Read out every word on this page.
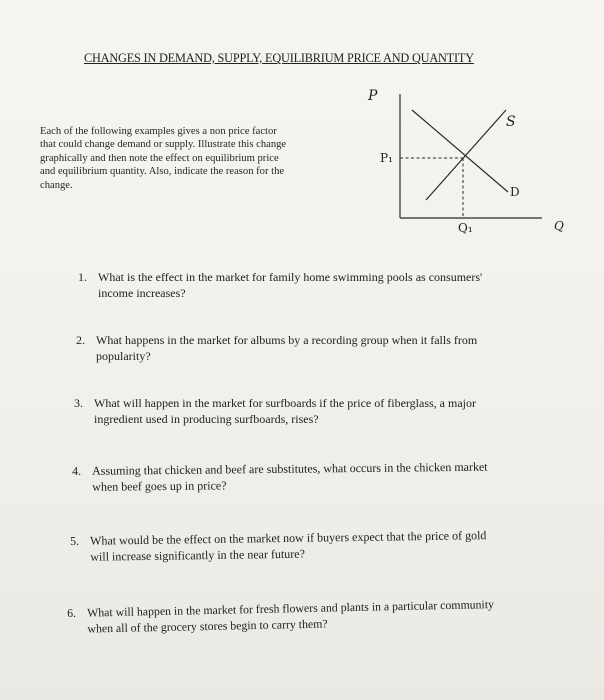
CHANGES IN DEMAND, SUPPLY, EQUILIBRIUM PRICE AND QUANTITY
Each of the following examples gives a non price factor
that could change demand or supply. Illustrate this change
graphically and then note the effect on equilibrium price
and equilibrium quantity. Also, indicate the reason for the
change.
P
S
P₁
D
Q₁	Q
1. What is the effect in the market for family home swimming pools as consumers'
income increases?
2. What happens in the market for albums by a recording group when it falls from
popularity?
3. What will happen in the market for surfboards if the price of fiberglass, a major
ingredient used in producing surfboards, rises?
4. Assuming that chicken and beef are substitutes, what occurs in the chicken market
when beef goes up in price?
5. What would be the effect on the market now if buyers expect that the price of gold
will increase significantly in the near future?
6. What will happen in the market for fresh flowers and plants in a particular community
when all of the grocery stores begin to carry them?
